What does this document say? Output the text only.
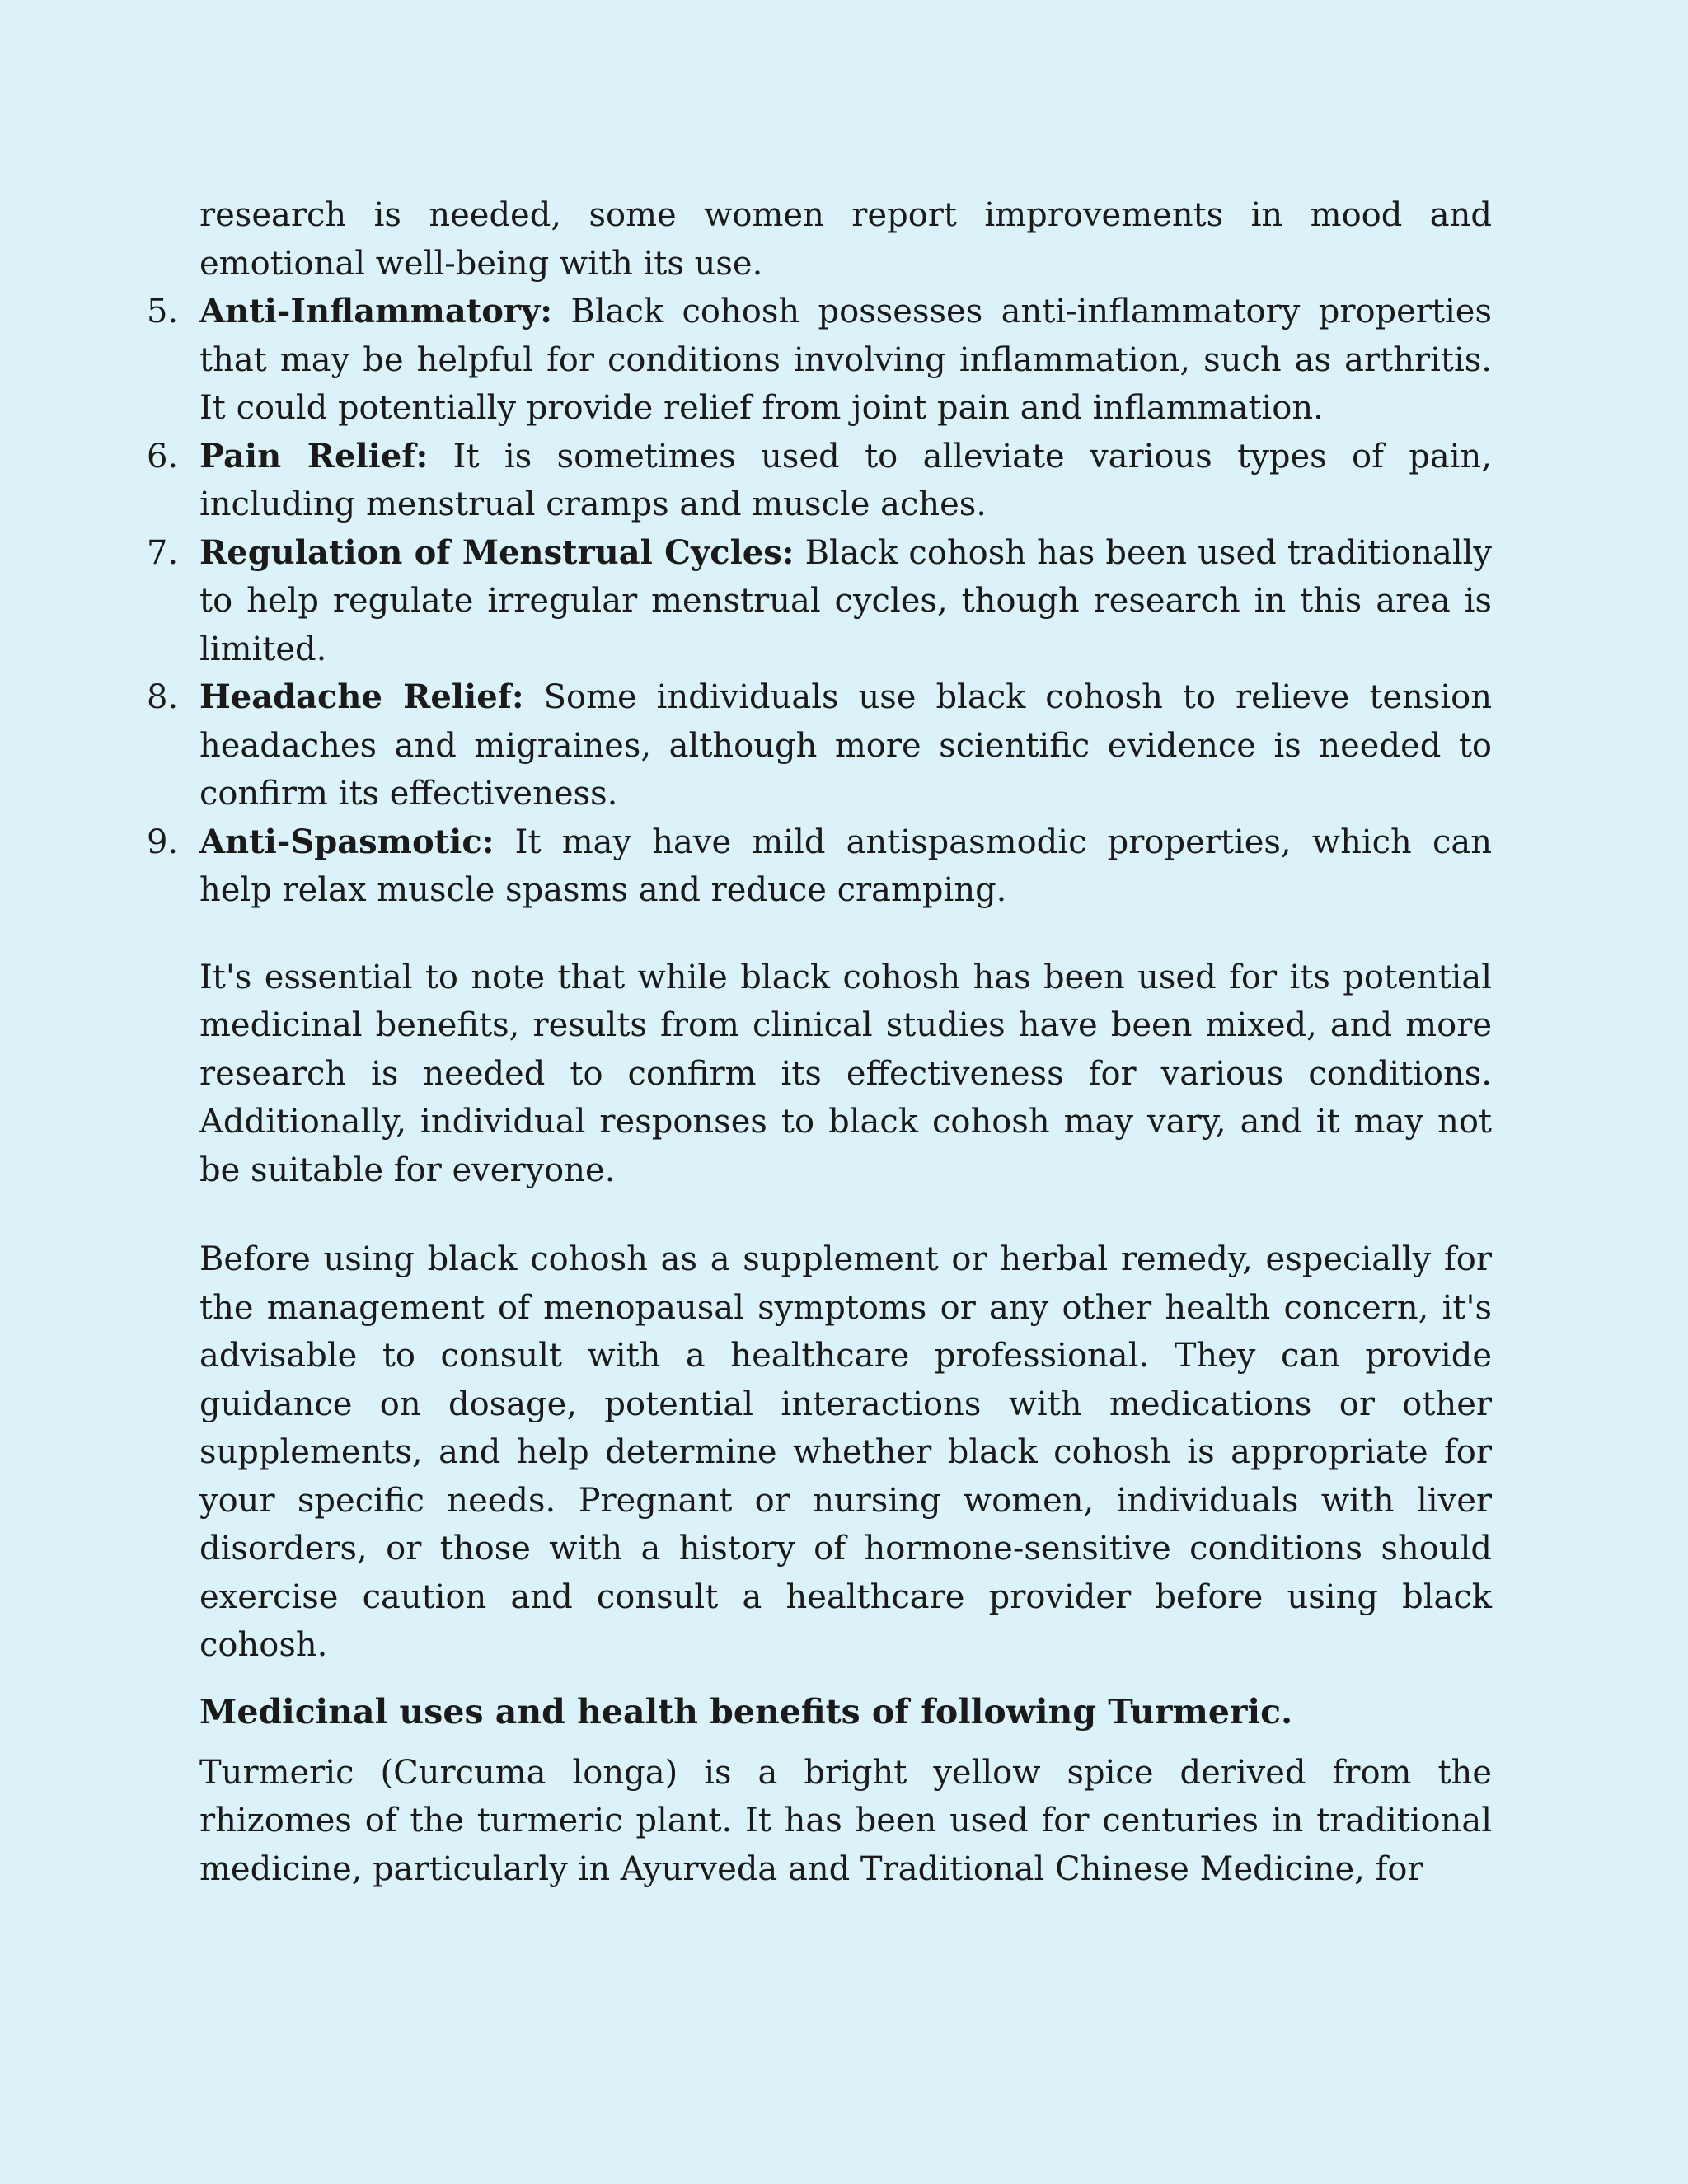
research is needed, some women report improvements in mood and emotional well-being with its use.

5. Anti-Inflammatory: Black cohosh possesses anti-inflammatory properties that may be helpful for conditions involving inflammation, such as arthritis. It could potentially provide relief from joint pain and inflammation.
6. Pain Relief: It is sometimes used to alleviate various types of pain, including menstrual cramps and muscle aches.
7. Regulation of Menstrual Cycles: Black cohosh has been used traditionally to help regulate irregular menstrual cycles, though research in this area is limited.
8. Headache Relief: Some individuals use black cohosh to relieve tension headaches and migraines, although more scientific evidence is needed to confirm its effectiveness.
9. Anti-Spasmotic: It may have mild antispasmodic properties, which can help relax muscle spasms and reduce cramping.

It's essential to note that while black cohosh has been used for its potential medicinal benefits, results from clinical studies have been mixed, and more research is needed to confirm its effectiveness for various conditions. Additionally, individual responses to black cohosh may vary, and it may not be suitable for everyone.

Before using black cohosh as a supplement or herbal remedy, especially for the management of menopausal symptoms or any other health concern, it's advisable to consult with a healthcare professional. They can provide guidance on dosage, potential interactions with medications or other supplements, and help determine whether black cohosh is appropriate for your specific needs. Pregnant or nursing women, individuals with liver disorders, or those with a history of hormone-sensitive conditions should exercise caution and consult a healthcare provider before using black cohosh.

Medicinal uses and health benefits of following Turmeric.

Turmeric (Curcuma longa) is a bright yellow spice derived from the rhizomes of the turmeric plant. It has been used for centuries in traditional medicine, particularly in Ayurveda and Traditional Chinese Medicine, for
